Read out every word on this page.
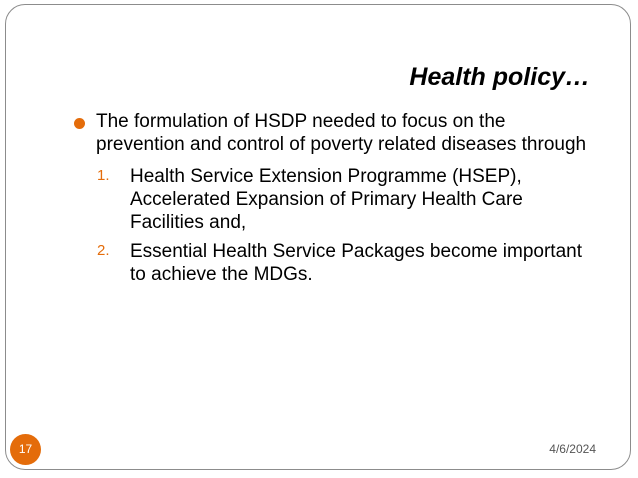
Health policy…
The formulation of HSDP needed to focus on the prevention and control of poverty related diseases through
1. Health Service Extension Programme (HSEP), Accelerated Expansion of Primary Health Care Facilities and,
2. Essential Health Service Packages become important to achieve the MDGs.
17	4/6/2024
